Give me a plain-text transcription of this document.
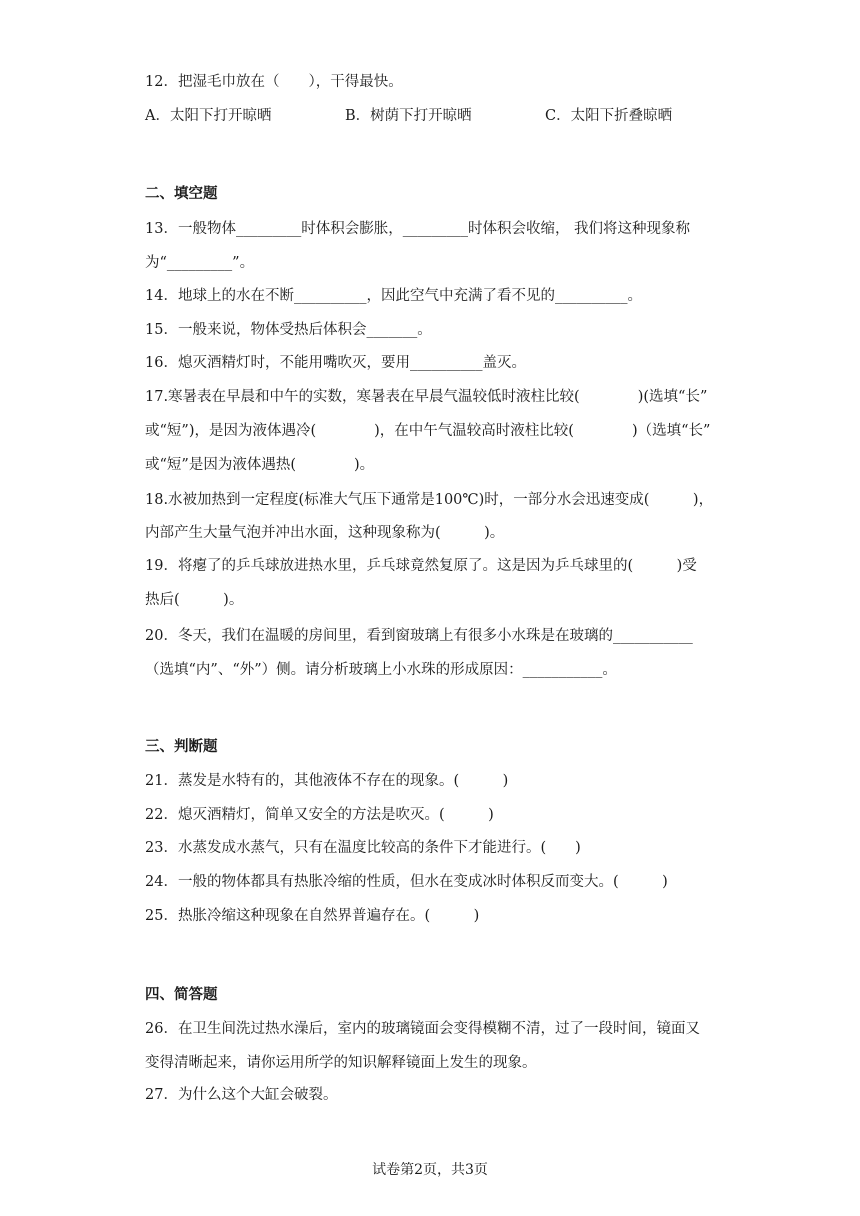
12．把湿毛巾放在（　　），干得最快。
A．太阳下打开晾晒	B．树荫下打开晾晒	C．太阳下折叠晾晒
二、填空题
13．一般物体_________时体积会膨胀，_________时体积会收缩， 我们将这种现象称
为“_________”。
14．地球上的水在不断__________，因此空气中充满了看不见的__________。
15．一般来说，物体受热后体积会_______。
16．熄灭酒精灯时，不能用嘴吹灭，要用__________盖灭。
17.寒暑表在早晨和中午的实数，寒暑表在早晨气温较低时液柱比较(　　　　)(选填“长”
或“短”)，是因为液体遇冷(　　　　)，在中午气温较高时液柱比较(　　　　)（选填“长”
或“短”是因为液体遇热(　　　　)。
18.水被加热到一定程度(标准大气压下通常是100℃)时，一部分水会迅速变成(　　　)，
内部产生大量气泡并冲出水面，这种现象称为(　　　)。
19．将瘪了的乒乓球放进热水里，乒乓球竟然复原了。这是因为乒乓球里的(　　　)受
热后(　　　)。
20．冬天，我们在温暖的房间里，看到窗玻璃上有很多小水珠是在玻璃的___________
（选填“内”、“外”）侧。请分析玻璃上小水珠的形成原因：___________。
三、判断题
21．蒸发是水特有的，其他液体不存在的现象。(　　　)
22．熄灭酒精灯，简单又安全的方法是吹灭。(　　　)
23．水蒸发成水蒸气，只有在温度比较高的条件下才能进行。(　　)
24．一般的物体都具有热胀冷缩的性质，但水在变成冰时体积反而变大。(　　　)
25．热胀冷缩这种现象在自然界普遍存在。(　　　)
四、简答题
26．在卫生间洗过热水澡后，室内的玻璃镜面会变得模糊不清，过了一段时间，镜面又
变得清晰起来，请你运用所学的知识解释镜面上发生的现象。
27．为什么这个大缸会破裂。
试卷第2页，共3页
